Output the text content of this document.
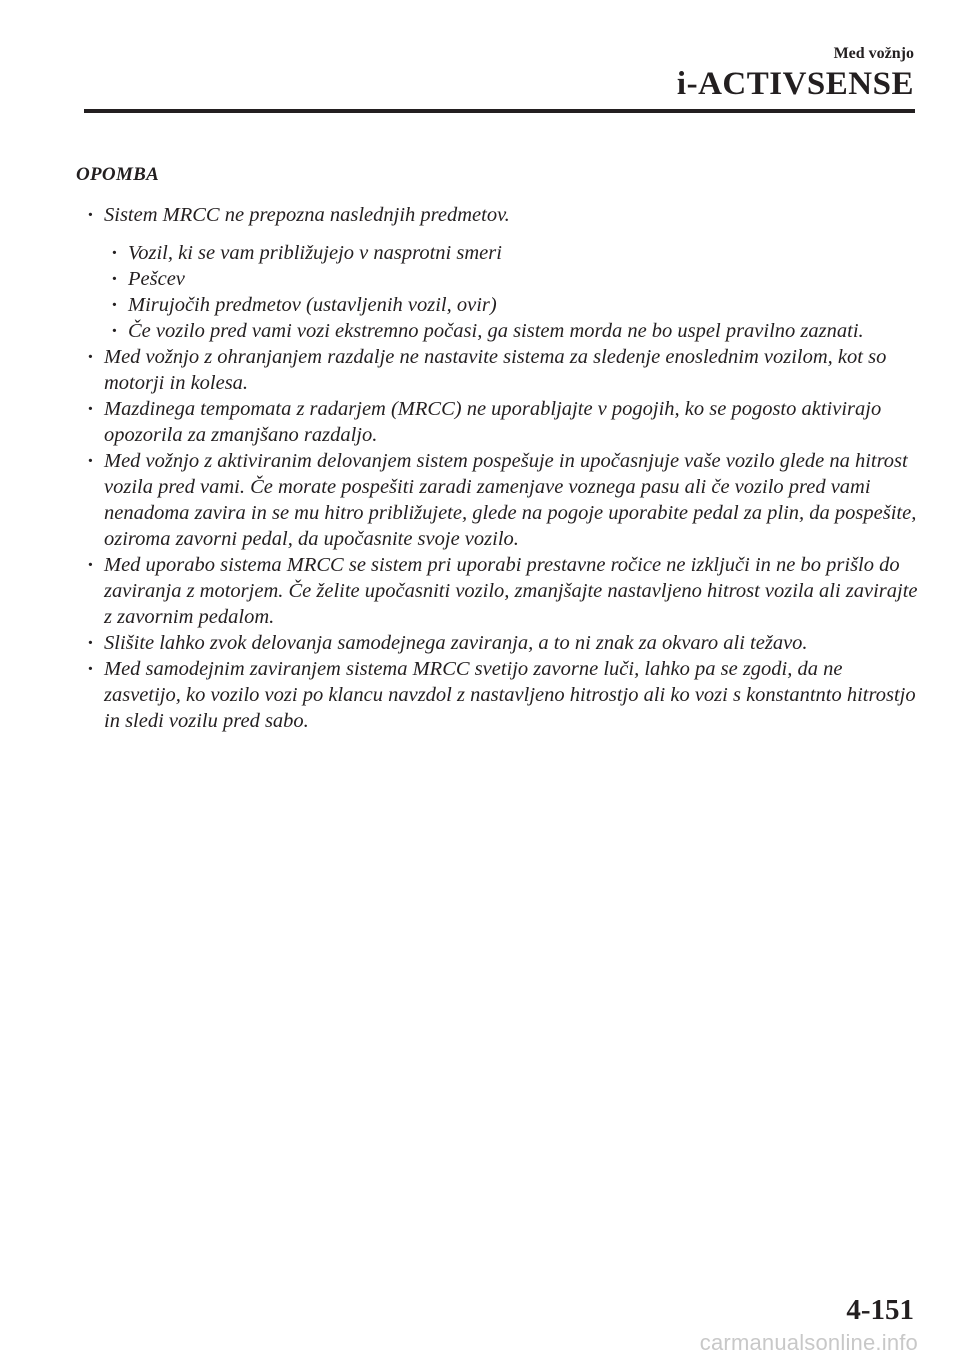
Med vožnjo
i-ACTIVSENSE
OPOMBA
· Sistem MRCC ne prepozna naslednjih predmetov.
· Vozil, ki se vam približujejo v nasprotni smeri
· Pešcev
· Mirujočih predmetov (ustavljenih vozil, ovir)
· Če vozilo pred vami vozi ekstremno počasi, ga sistem morda ne bo uspel pravilno zaznati.
· Med vožnjo z ohranjanjem razdalje ne nastavite sistema za sledenje enoslednim vozilom, kot so motorji in kolesa.
· Mazdinega tempomata z radarjem (MRCC) ne uporabljajte v pogojih, ko se pogosto aktivirajo opozorila za zmanjšano razdaljo.
· Med vožnjo z aktiviranim delovanjem sistem pospešuje in upočasnjuje vaše vozilo glede na hitrost vozila pred vami. Če morate pospešiti zaradi zamenjave voznega pasu ali če vozilo pred vami nenadoma zavira in se mu hitro približujete, glede na pogoje uporabite pedal za plin, da pospešite, oziroma zavorni pedal, da upočasnite svoje vozilo.
· Med uporabo sistema MRCC se sistem pri uporabi prestavne ročice ne izključi in ne bo prišlo do zaviranja z motorjem. Če želite upočasniti vozilo, zmanjšajte nastavljeno hitrost vozila ali zavirajte z zavornim pedalom.
· Slišite lahko zvok delovanja samodejnega zaviranja, a to ni znak za okvaro ali težavo.
· Med samodejnim zaviranjem sistema MRCC svetijo zavorne luči, lahko pa se zgodi, da ne zasvetijo, ko vozilo vozi po klancu navzdol z nastavljeno hitrostjo ali ko vozi s konstantnto hitrostjo in sledi vozilu pred sabo.
4-151
carmanualsonline.info
